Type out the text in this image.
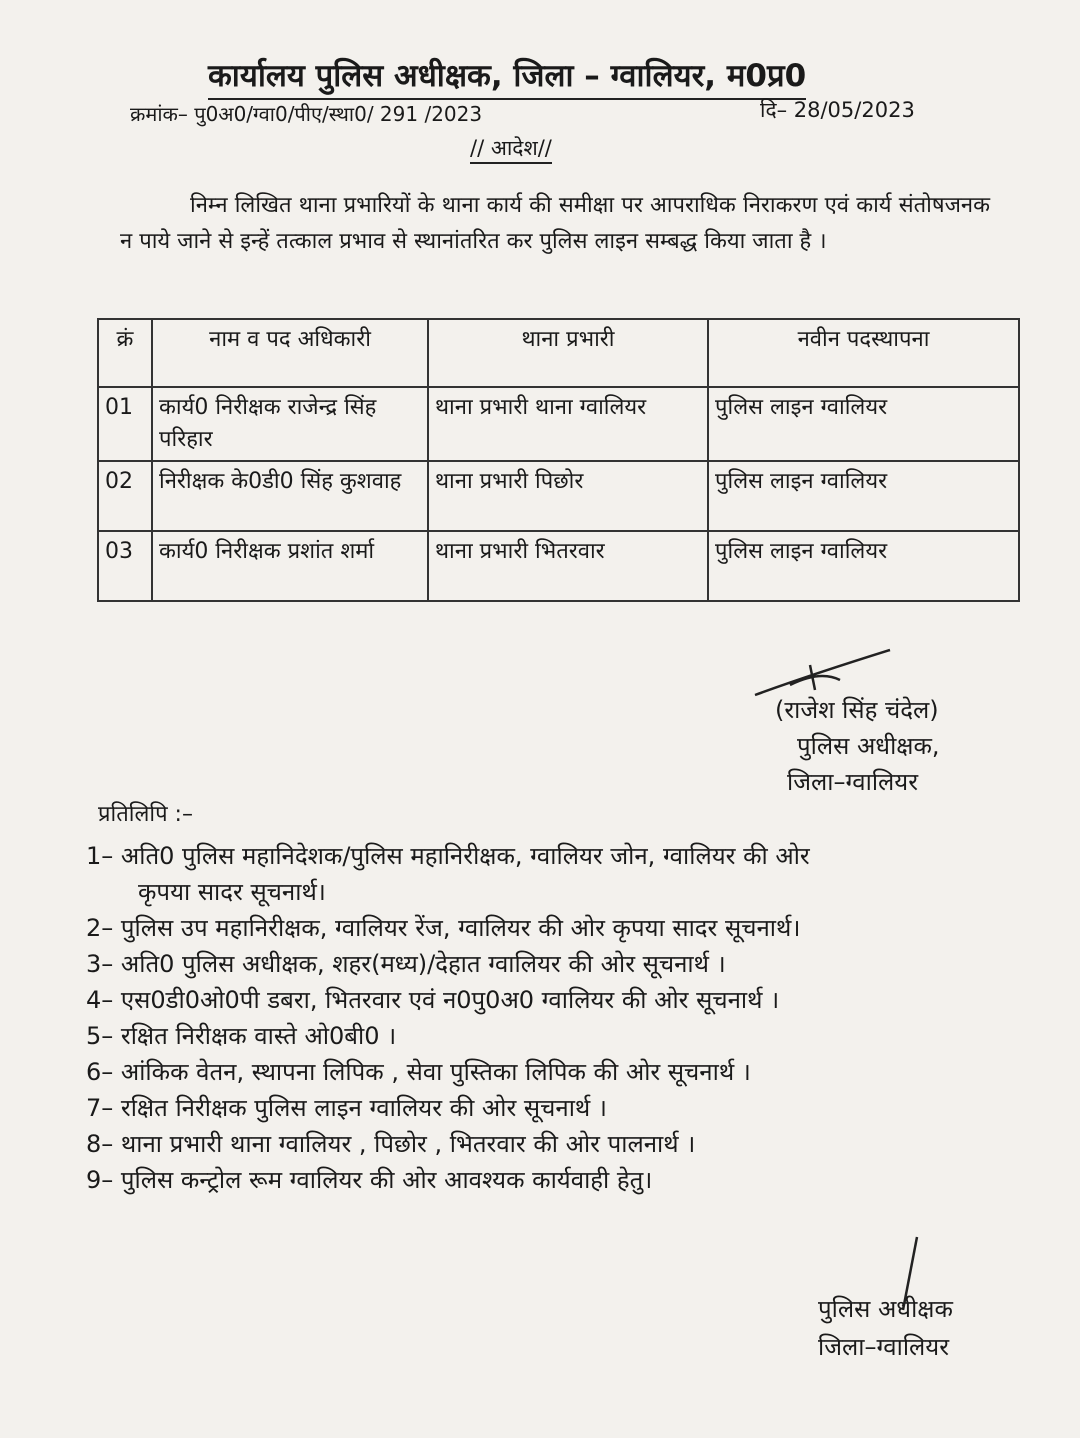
कार्यालय पुलिस अधीक्षक, जिला – ग्वालियर, म0प्र0
क्रमांक– पु0अ0/ग्वा0/पीए/स्था0/ 291 /2023	दि– 28/05/2023
// आदेश//
निम्न लिखित थाना प्रभारियों के थाना कार्य की समीक्षा पर आपराधिक निराकरण एवं कार्य संतोषजनक न पाये जाने से इन्हें तत्काल प्रभाव से स्थानांतरित कर पुलिस लाइन सम्बद्ध किया जाता है ।
क्रं	नाम व पद अधिकारी	थाना प्रभारी	नवीन पदस्थापना
01	कार्य0 निरीक्षक राजेन्द्र सिंह परिहार	थाना प्रभारी थाना ग्वालियर	पुलिस लाइन ग्वालियर
02	निरीक्षक के0डी0 सिंह कुशवाह	थाना प्रभारी पिछोर	पुलिस लाइन ग्वालियर
03	कार्य0 निरीक्षक प्रशांत शर्मा	थाना प्रभारी भितरवार	पुलिस लाइन ग्वालियर
(राजेश सिंह चंदेल)
पुलिस अधीक्षक,
जिला–ग्वालियर
प्रतिलिपि :–
1– अति0 पुलिस महानिदेशक/पुलिस महानिरीक्षक, ग्वालियर जोन, ग्वालियर की ओर
कृपया सादर सूचनार्थ।
2– पुलिस उप महानिरीक्षक, ग्वालियर रेंज, ग्वालियर की ओर कृपया सादर सूचनार्थ।
3– अति0 पुलिस अधीक्षक, शहर(मध्य)/देहात ग्वालियर की ओर सूचनार्थ ।
4– एस0डी0ओ0पी डबरा, भितरवार एवं न0पु0अ0 ग्वालियर की ओर सूचनार्थ ।
5– रक्षित निरीक्षक वास्ते ओ0बी0 ।
6– आंकिक वेतन, स्थापना लिपिक , सेवा पुस्तिका लिपिक की ओर सूचनार्थ ।
7– रक्षित निरीक्षक पुलिस लाइन ग्वालियर की ओर सूचनार्थ ।
8– थाना प्रभारी थाना ग्वालियर , पिछोर , भितरवार की ओर पालनार्थ ।
9– पुलिस कन्ट्रोल रूम ग्वालियर की ओर आवश्यक कार्यवाही हेतु।
पुलिस अधीक्षक
जिला–ग्वालियर
